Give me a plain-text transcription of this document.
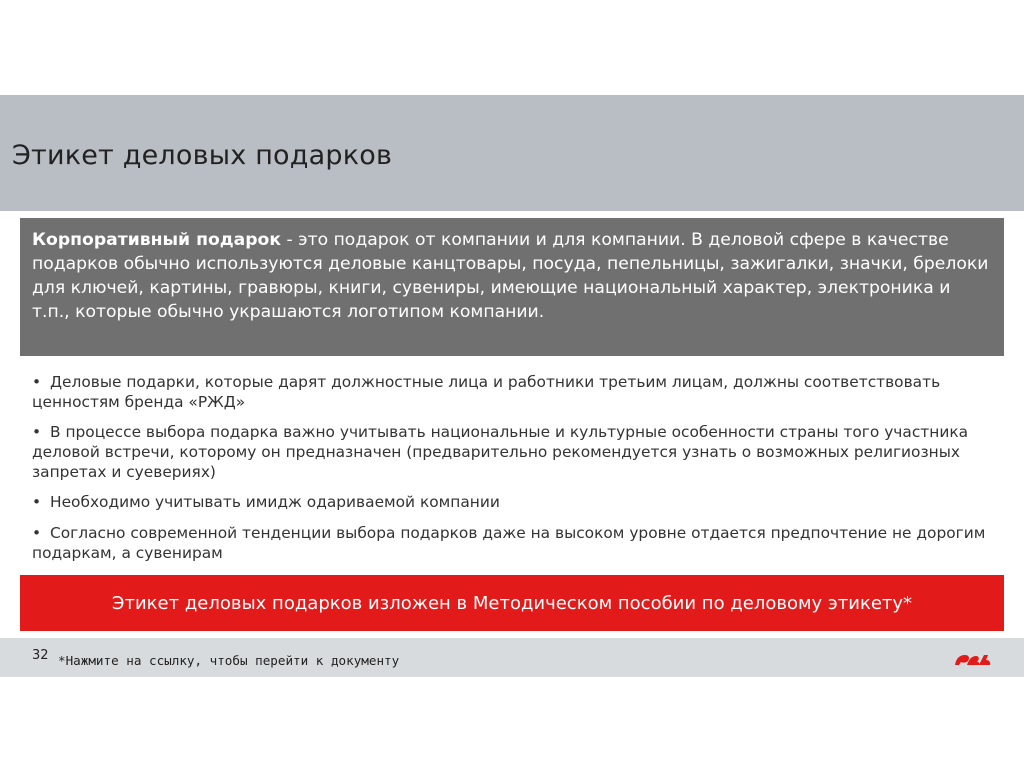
Этикет деловых подарков
Корпоративный подарок - это подарок от компании и для компании. В деловой сфере в качестве подарков обычно используются деловые канцтовары, посуда, пепельницы, зажигалки, значки, брелоки для ключей, картины, гравюры, книги, сувениры, имеющие национальный характер, электроника и т.п., которые обычно украшаются логотипом компании.
• Деловые подарки, которые дарят должностные лица и работники третьим лицам, должны соответствовать ценностям бренда «РЖД»
• В процессе выбора подарка важно учитывать национальные и культурные особенности страны того участника деловой встречи, которому он предназначен (предварительно рекомендуется узнать о возможных религиозных запретах и суевериях)
• Необходимо учитывать имидж одариваемой компании
• Согласно современной тенденции выбора подарков даже на высоком уровне отдается предпочтение не дорогим подаркам, а сувенирам
Этикет деловых подарков изложен в Методическом пособии по деловому этикету*
32 *Нажмите на ссылку, чтобы перейти к документу
